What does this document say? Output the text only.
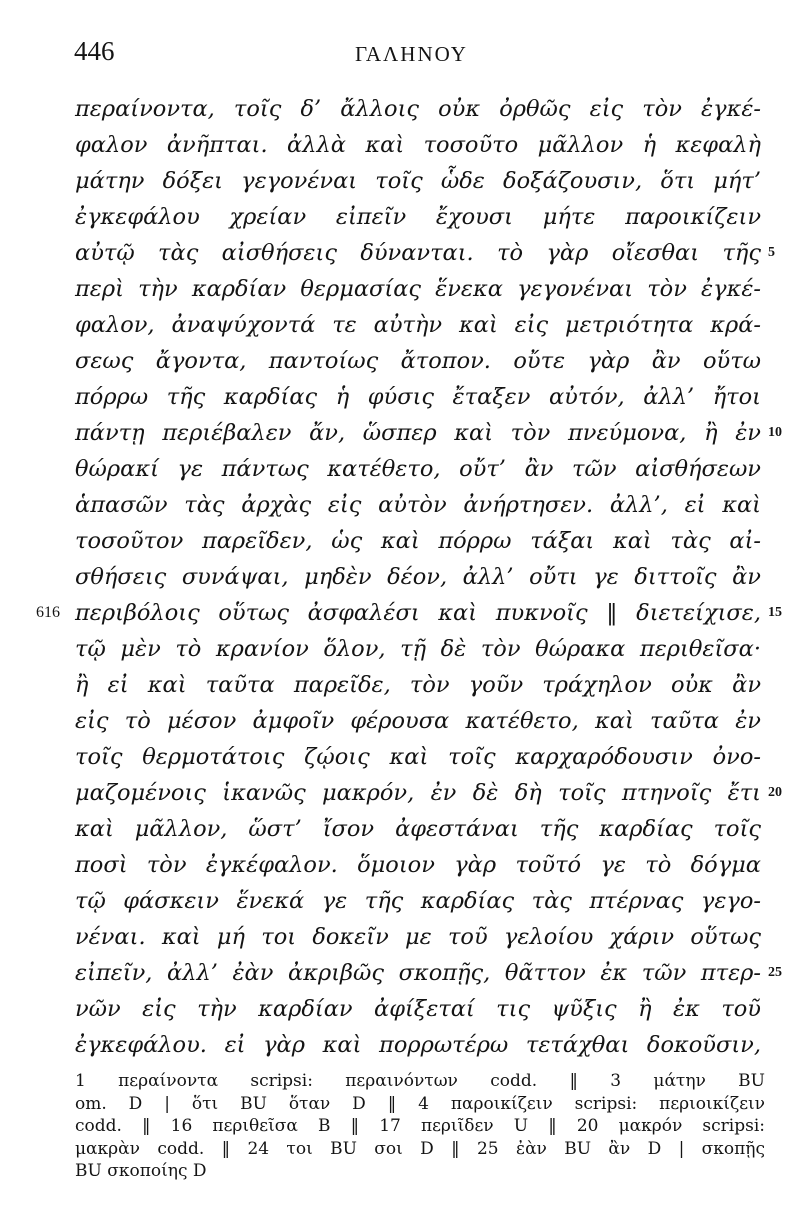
446	ΓΑΛΗΝΟΥ
περαίνοντα, τοῖς δ’ ἄλλοις οὐκ ὀρθῶς εἰς τὸν ἐγκέ-
φαλον ἀνῆπται. ἀλλὰ καὶ τοσοῦτο μᾶλλον ἡ κεφαλὴ
μάτην δόξει γεγονέναι τοῖς ὧδε δοξάζουσιν, ὅτι μήτ’
ἐγκεφάλου χρείαν εἰπεῖν ἔχουσι μήτε παροικίζειν
αὐτῷ τὰς αἰσθήσεις δύνανται. τὸ γὰρ οἴεσθαι τῆς 5
περὶ τὴν καρδίαν θερμασίας ἕνεκα γεγονέναι τὸν ἐγκέ-
φαλον, ἀναψύχοντά τε αὐτὴν καὶ εἰς μετριότητα κρά-
σεως ἄγοντα, παντοίως ἄτοπον. οὔτε γὰρ ἂν οὕτω
πόρρω τῆς καρδίας ἡ φύσις ἔταξεν αὐτόν, ἀλλ’ ἤτοι
πάντῃ περιέβαλεν ἄν, ὥσπερ καὶ τὸν πνεύμονα, ἢ ἐν 10
θώρακί γε πάντως κατέθετο, οὔτ’ ἂν τῶν αἰσθήσεων
ἁπασῶν τὰς ἀρχὰς εἰς αὐτὸν ἀνήρτησεν. ἀλλ’, εἰ καὶ
τοσοῦτον παρεῖδεν, ὡς καὶ πόρρω τάξαι καὶ τὰς αἰ-
σθήσεις συνάψαι, μηδὲν δέον, ἀλλ’ οὔτι γε διττοῖς ἂν
616 περιβόλοις οὕτως ἀσφαλέσι καὶ πυκνοῖς ‖ διετείχισε, 15
τῷ μὲν τὸ κρανίον ὅλον, τῇ δὲ τὸν θώρακα περιθεῖσα·
ἢ εἰ καὶ ταῦτα παρεῖδε, τὸν γοῦν τράχηλον οὐκ ἂν
εἰς τὸ μέσον ἀμφοῖν φέρουσα κατέθετο, καὶ ταῦτα ἐν
τοῖς θερμοτάτοις ζῴοις καὶ τοῖς καρχαρόδουσιν ὀνο-
μαζομένοις ἱκανῶς μακρόν, ἐν δὲ δὴ τοῖς πτηνοῖς ἔτι 20
καὶ μᾶλλον, ὥστ’ ἴσον ἀφεστάναι τῆς καρδίας τοῖς
ποσὶ τὸν ἐγκέφαλον. ὅμοιον γὰρ τοῦτό γε τὸ δόγμα
τῷ φάσκειν ἕνεκά γε τῆς καρδίας τὰς πτέρνας γεγο-
νέναι. καὶ μή τοι δοκεῖν με τοῦ γελοίου χάριν οὕτως
εἰπεῖν, ἀλλ’ ἐὰν ἀκριβῶς σκοπῇς, θᾶττον ἐκ τῶν πτερ- 25
νῶν εἰς τὴν καρδίαν ἀφίξεταί τις ψῦξις ἢ ἐκ τοῦ
ἐγκεφάλου. εἰ γὰρ καὶ πορρωτέρω τετάχθαι δοκοῦσιν,
1 περαίνοντα scripsi: περαινόντων codd. ‖ 3 μάτην BU
om. D | ὅτι BU ὅταν D ‖ 4 παροικίζειν scripsi: περιοικίζειν
codd. ‖ 16 περιθεῖσα B ‖ 17 περιῖδεν U ‖ 20 μακρόν scripsi:
μακρὰν codd. ‖ 24 τοι BU σοι D ‖ 25 ἐὰν BU ἂν D | σκοπῇς
BU σκοποίης D
